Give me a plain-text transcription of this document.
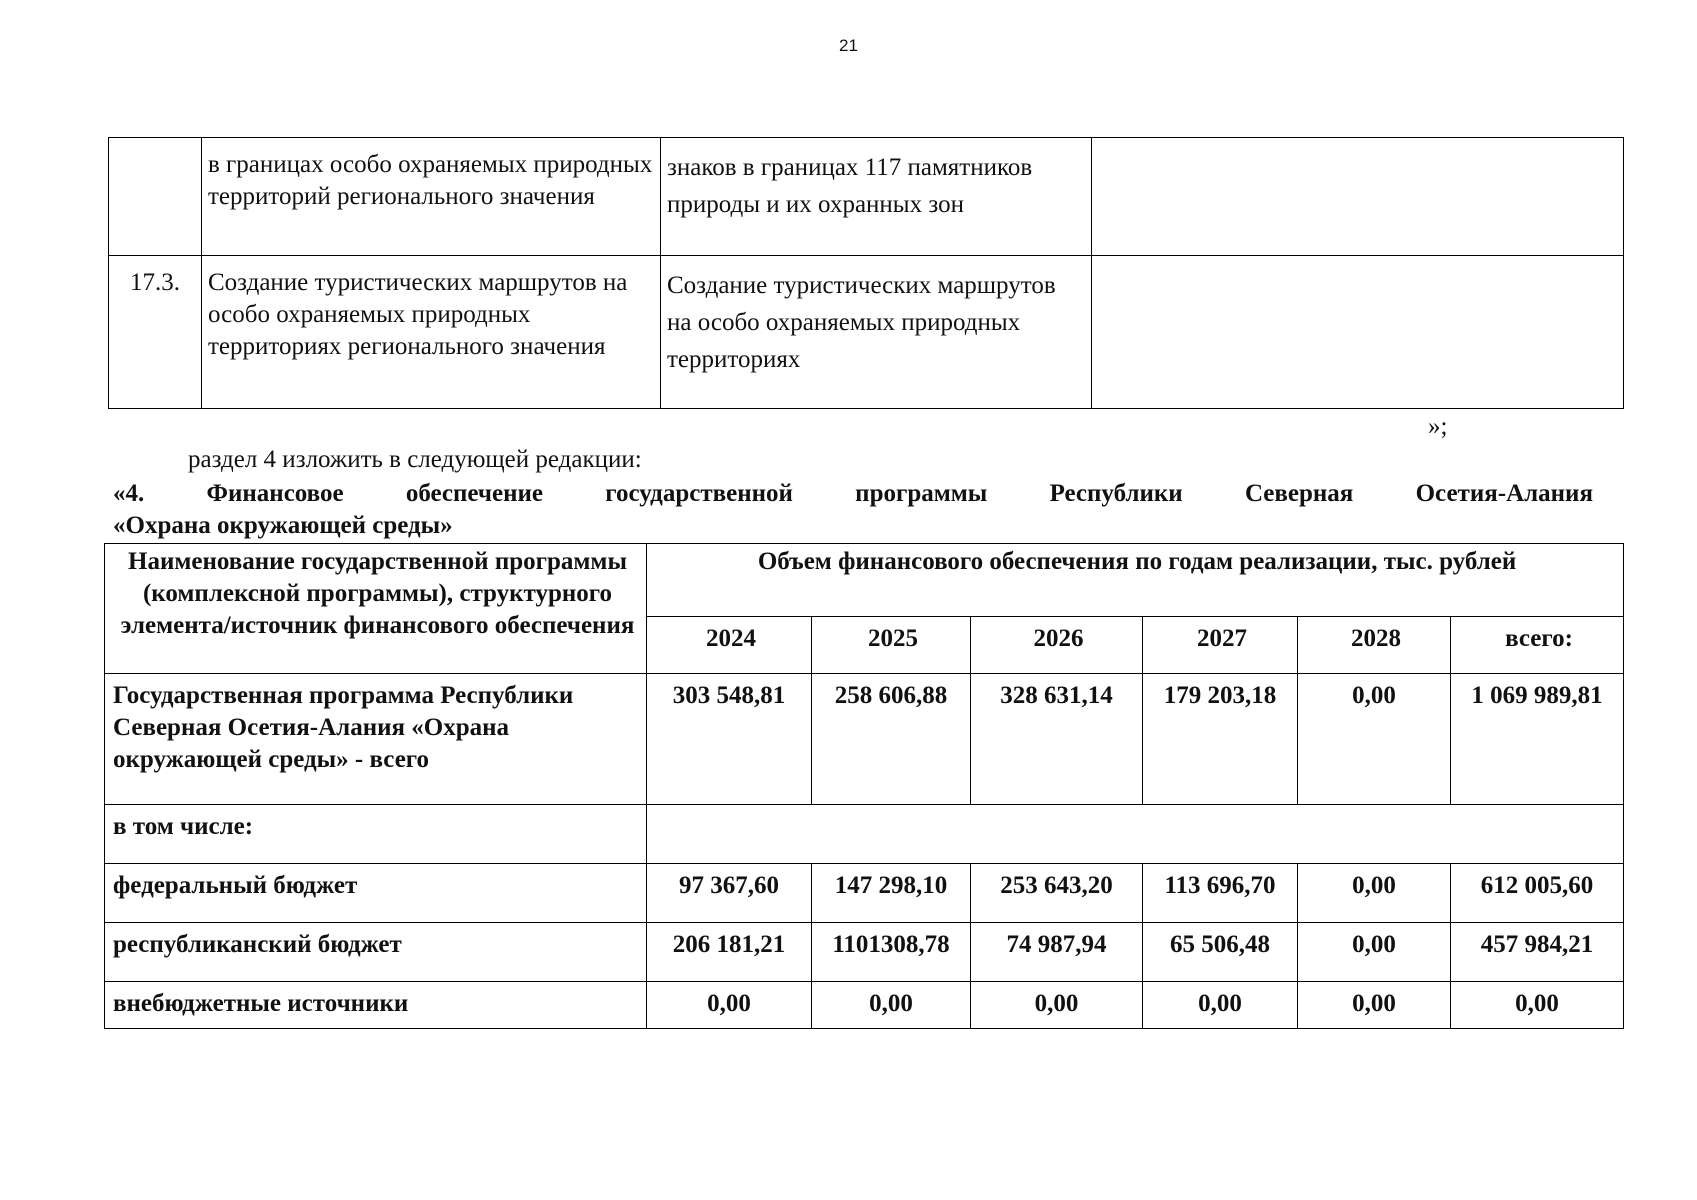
21
	в границах особо охраняемых природных территорий регионального значения	знаков в границах 117 памятников природы и их охранных зон	
17.3.	Создание туристических маршрутов на особо охраняемых природных территориях регионального значения	Создание туристических маршрутов на особо охраняемых природных территориях	
»;
раздел 4 изложить в следующей редакции:
«4. Финансовое обеспечение государственной программы Республики Северная Осетия-Алания
«Охрана окружающей среды»
Наименование государственной программы (комплексной программы), структурного элемента/источник финансового обеспечения	Объем финансового обеспечения по годам реализации, тыс. рублей					
	2024	2025	2026	2027	2028	всего:
Государственная программа Республики Северная Осетия-Алания «Охрана окружающей среды» - всего	303 548,81	258 606,88	328 631,14	179 203,18	0,00	1 069 989,81
в том числе:						
федеральный бюджет	97 367,60	147 298,10	253 643,20	113 696,70	0,00	612 005,60
республиканский бюджет	206 181,21	1101308,78	74 987,94	65 506,48	0,00	457 984,21
внебюджетные источники	0,00	0,00	0,00	0,00	0,00	0,00
